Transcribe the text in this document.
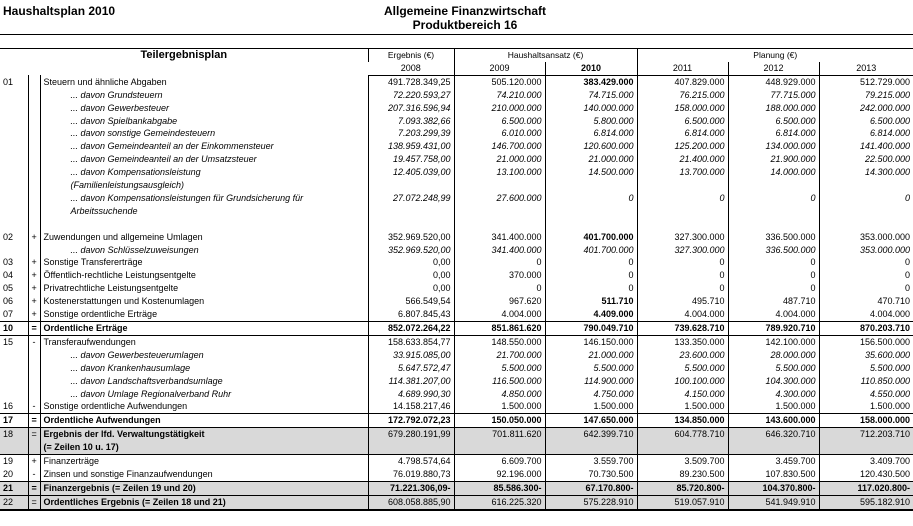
Haushaltsplan 2010	Allgemeine Finanzwirtschaft
Produktbereich 16
Teilergebnisplan			Ergebnis (€)	Haushaltsansatz (€)		Planung (€)		
			2008	2009	2010	2011	2012	2013
01		Steuern und ähnliche Abgaben	491.728.349,25	505.120.000	383.429.000	407.829.000	448.929.000	512.729.000
		... davon Grundsteuern	72.220.593,27	74.210.000	74.715.000	76.215.000	77.715.000	79.215.000
		... davon Gewerbesteuer	207.316.596,94	210.000.000	140.000.000	158.000.000	188.000.000	242.000.000
		... davon Spielbankabgabe	7.093.382,66	6.500.000	5.800.000	6.500.000	6.500.000	6.500.000
		... davon sonstige Gemeindesteuern	7.203.299,39	6.010.000	6.814.000	6.814.000	6.814.000	6.814.000
		... davon Gemeindeanteil an der Einkommensteuer	138.959.431,00	146.700.000	120.600.000	125.200.000	134.000.000	141.400.000
		... davon Gemeindeanteil an der Umsatzsteuer	19.457.758,00	21.000.000	21.000.000	21.400.000	21.900.000	22.500.000
		... davon Kompensationsleistung	12.405.039,00	13.100.000	14.500.000	13.700.000	14.000.000	14.300.000
		(Familienleistungsausgleich)						
		... davon Kompensationsleistungen für Grundsicherung für	27.072.248,99	27.600.000	0	0	0	0
		Arbeitssuchende						

02	+	Zuwendungen und allgemeine Umlagen	352.969.520,00	341.400.000	401.700.000	327.300.000	336.500.000	353.000.000
		... davon Schlüsselzuweisungen	352.969.520,00	341.400.000	401.700.000	327.300.000	336.500.000	353.000.000
03	+	Sonstige Transfererträge	0,00	0	0	0	0	0
04	+	Öffentlich-rechtliche Leistungsentgelte	0,00	370.000	0	0	0	0
05	+	Privatrechtliche Leistungsentgelte	0,00	0	0	0	0	0
06	+	Kostenerstattungen und Kostenumlagen	566.549,54	967.620	511.710	495.710	487.710	470.710
07	+	Sonstige ordentliche Erträge	6.807.845,43	4.004.000	4.409.000	4.004.000	4.004.000	4.004.000
10	=	Ordentliche Erträge	852.072.264,22	851.861.620	790.049.710	739.628.710	789.920.710	870.203.710
15	-	Transferaufwendungen	158.633.854,77	148.550.000	146.150.000	133.350.000	142.100.000	156.500.000
		... davon Gewerbesteuerumlagen	33.915.085,00	21.700.000	21.000.000	23.600.000	28.000.000	35.600.000
		... davon Krankenhausumlage	5.647.572,47	5.500.000	5.500.000	5.500.000	5.500.000	5.500.000
		... davon Landschaftsverbandsumlage	114.381.207,00	116.500.000	114.900.000	100.100.000	104.300.000	110.850.000
		... davon Umlage Regionalverband Ruhr	4.689.990,30	4.850.000	4.750.000	4.150.000	4.300.000	4.550.000
16	-	Sonstige ordentliche Aufwendungen	14.158.217,46	1.500.000	1.500.000	1.500.000	1.500.000	1.500.000
17	=	Ordentliche Aufwendungen	172.792.072,23	150.050.000	147.650.000	134.850.000	143.600.000	158.000.000
18	=	Ergebnis der lfd. Verwaltungstätigkeit	679.280.191,99	701.811.620	642.399.710	604.778.710	646.320.710	712.203.710
		(= Zeilen 10 u. 17)						
19	+	Finanzerträge	4.798.574,64	6.609.700	3.559.700	3.509.700	3.459.700	3.409.700
20	-	Zinsen und sonstige Finanzaufwendungen	76.019.880,73	92.196.000	70.730.500	89.230.500	107.830.500	120.430.500
21	=	Finanzergebnis (= Zeilen 19 und 20)	71.221.306,09-	85.586.300-	67.170.800-	85.720.800-	104.370.800-	117.020.800-
22	=	Ordentliches Ergebnis (= Zeilen 18 und 21)	608.058.885,90	616.225.320	575.228.910	519.057.910	541.949.910	595.182.910
